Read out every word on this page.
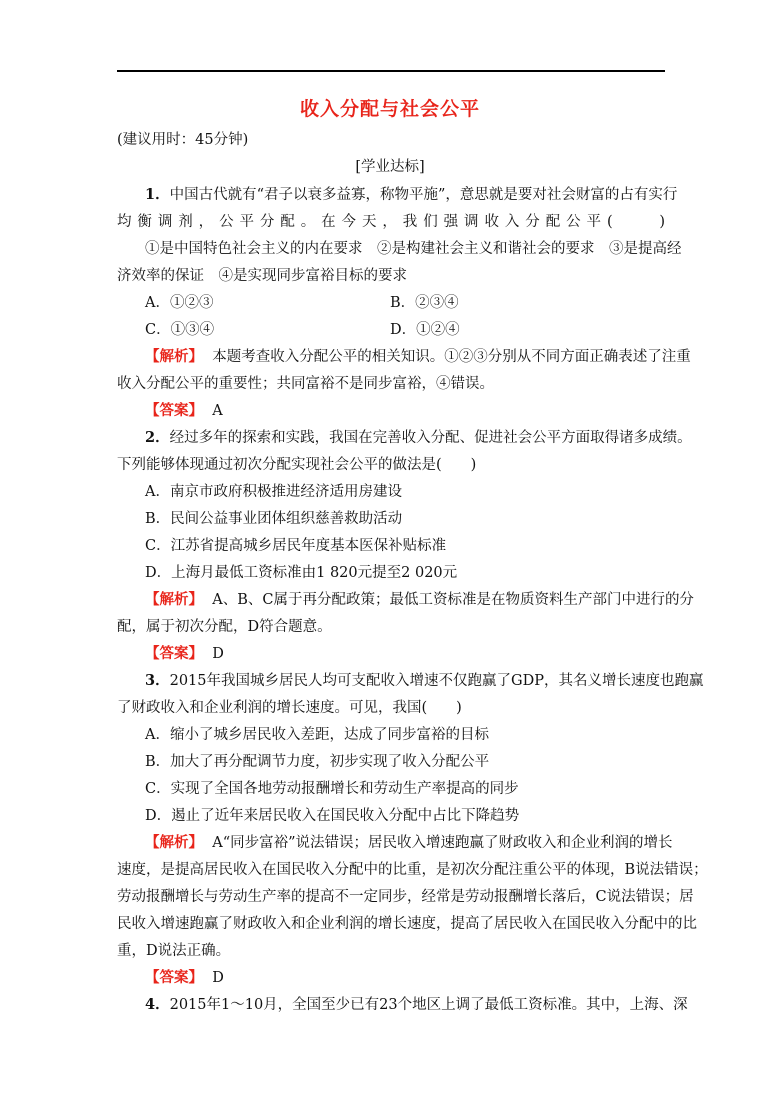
收入分配与社会公平
(建议用时：45分钟)
[学业达标]
1．中国古代就有“君子以衰多益寡，称物平施”，意思就是要对社会财富的占有实行
均衡调剂，公平分配。在今天，我们强调收入分配公平(　　)
①是中国特色社会主义的内在要求　②是构建社会主义和谐社会的要求　③是提高经
济效率的保证　④是实现同步富裕目标的要求
A．①②③	B．②③④
C．①③④	D．①②④
【解析】 本题考查收入分配公平的相关知识。①②③分别从不同方面正确表述了注重
收入分配公平的重要性；共同富裕不是同步富裕，④错误。
【答案】 A
2．经过多年的探索和实践，我国在完善收入分配、促进社会公平方面取得诸多成绩。
下列能够体现通过初次分配实现社会公平的做法是(　　)
A．南京市政府积极推进经济适用房建设
B．民间公益事业团体组织慈善救助活动
C．江苏省提高城乡居民年度基本医保补贴标准
D．上海月最低工资标准由1 820元提至2 020元
【解析】 A、B、C属于再分配政策；最低工资标准是在物质资料生产部门中进行的分
配，属于初次分配，D符合题意。
【答案】 D
3．2015年我国城乡居民人均可支配收入增速不仅跑赢了GDP，其名义增长速度也跑赢
了财政收入和企业利润的增长速度。可见，我国(　　)
A．缩小了城乡居民收入差距，达成了同步富裕的目标
B．加大了再分配调节力度，初步实现了收入分配公平
C．实现了全国各地劳动报酬增长和劳动生产率提高的同步
D．遏止了近年来居民收入在国民收入分配中占比下降趋势
【解析】 A“同步富裕”说法错误；居民收入增速跑赢了财政收入和企业利润的增长
速度，是提高居民收入在国民收入分配中的比重，是初次分配注重公平的体现，B说法错误；
劳动报酬增长与劳动生产率的提高不一定同步，经常是劳动报酬增长落后，C说法错误；居
民收入增速跑赢了财政收入和企业利润的增长速度，提高了居民收入在国民收入分配中的比
重，D说法正确。
【答案】 D
4．2015年1～10月，全国至少已有23个地区上调了最低工资标准。其中，上海、深
